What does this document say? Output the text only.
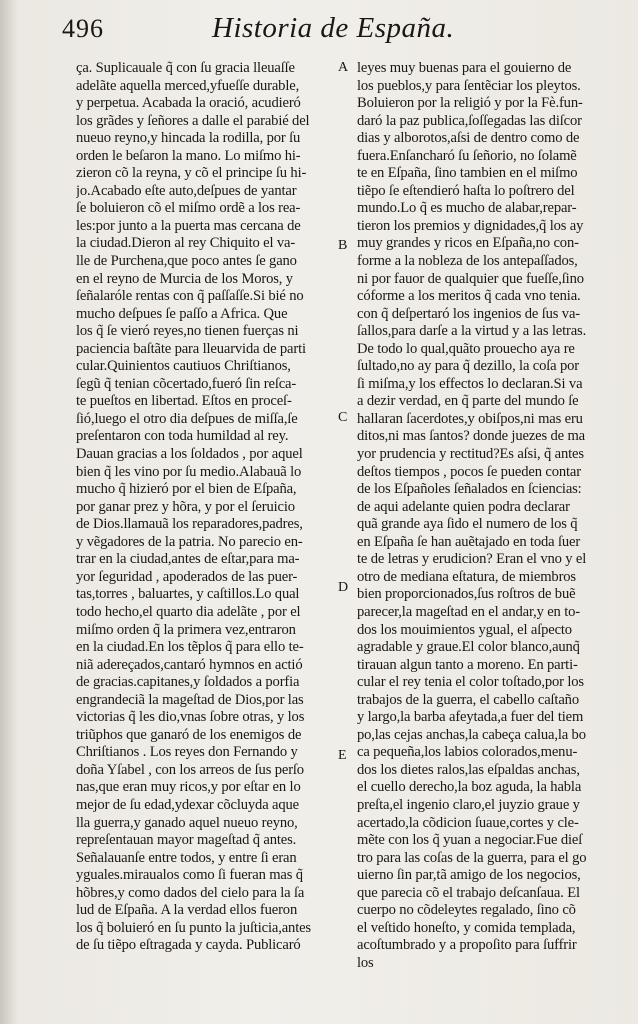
496	Historia de España.
ça. Suplicauale q̃ con ſu gracia lleuaſſe
adelãte aquella merced,yfueſſe durable,
y perpetua. Acabada la oració, acudieró
los grãdes y ſeñores a dalle el parabié del
nueuo reyno,y hincada la rodilla, por ſu
orden le beſaron la mano. Lo miſmo hi-
zieron cõ la reyna, y cõ el principe ſu hi-
jo.Acabado eſte auto,deſpues de yantar
ſe boluieron cõ el miſmo ordẽ a los rea-
les:por junto a la puerta mas cercana de
la ciudad.Dieron al rey Chiquito el va-
lle de Purchena,que poco antes ſe gano
en el reyno de Murcia de los Moros, y
ſeñalaróle rentas con q̃ paſſaſſe.Si bié no
mucho deſpues ſe paſſo a Africa. Que
los q̃ ſe vieró reyes,no tienen fuerças ni
paciencia baſtãte para lleuarvida de parti
cular.Quinientos cautiuos Chriſtianos,
ſegũ q̃ tenian cõcertado,fueró ſin reſca-
te pueſtos en libertad. Eſtos en proceſ-
ſió,luego el otro dia deſpues de miſſa,ſe
preſentaron con toda humildad al rey.
Dauan gracias a los ſoldados , por aquel
bien q̃ les vino por ſu medio.Alabauã lo
mucho q̃ hizieró por el bien de Eſpaña,
por ganar prez y hõra, y por el ſeruicio
de Dios.llamauã los reparadores,padres,
y vẽgadores de la patria. No parecio en-
trar en la ciudad,antes de eſtar,para ma-
yor ſeguridad , apoderados de las puer-
tas,torres , baluartes, y caſtillos.Lo qual
todo hecho,el quarto dia adelãte , por el
miſmo orden q̃ la primera vez,entraron
en la ciudad.En los tẽplos q̃ para ello te-
niã adereçados,cantaró hymnos en actió
de gracias.capitanes,y ſoldados a porfia
engrandeciã la mageſtad de Dios,por las
victorias q̃ les dio,vnas ſobre otras, y los
triũphos que ganaró de los enemigos de
Chriſtianos . Los reyes don Fernando y
doña Yſabel , con los arreos de ſus perſo
nas,que eran muy ricos,y por eſtar en lo
mejor de ſu edad,ydexar cõcluyda aque
lla guerra,y ganado aquel nueuo reyno,
repreſentauan mayor mageſtad q̃ antes.
Señalauanſe entre todos, y entre ſi eran
yguales.miraualos como ſi fueran mas q̃
hõbres,y como dados del cielo para la ſa
lud de Eſpaña. A la verdad ellos fueron
los q̃ boluieró en ſu punto la juſticia,antes
de ſu tiẽpo eſtragada y cayda. Publicaró
A
B
C
D
E
leyes muy buenas para el gouierno de
los pueblos,y para ſentẽciar los pleytos.
Boluieron por la religió y por la Fè.fun-
daró la paz publica,ſoſſegadas las diſcor
dias y alborotos,aſsi de dentro como de
fuera.Enſancharó ſu ſeñorio, no ſolamẽ
te en Eſpaña, ſino tambien en el miſmo
tiẽpo ſe eſtendieró haſta lo poſtrero del
mundo.Lo q̃ es mucho de alabar,repar-
tieron los premios y dignidades,q̃ los ay
muy grandes y ricos en Eſpaña,no con-
forme a la nobleza de los antepaſſados,
ni por fauor de qualquier que fueſſe,ſino
cóforme a los meritos q̃ cada vno tenia.
con q̃ deſpertaró los ingenios de ſus va-
ſallos,para darſe a la virtud y a las letras.
De todo lo qual,quãto prouecho aya re
ſultado,no ay para q̃ dezillo, la coſa por
ſi miſma,y los effectos lo declaran.Si va
a dezir verdad, en q̃ parte del mundo ſe
hallaran ſacerdotes,y obiſpos,ni mas eru
ditos,ni mas ſantos? donde juezes de ma
yor prudencia y rectitud?Es aſsi, q̃ antes
deſtos tiempos , pocos ſe pueden contar
de los Eſpañoles ſeñalados en ſciencias:
de aqui adelante quien podra declarar
quã grande aya ſido el numero de los q̃
en Eſpaña ſe han auẽtajado en toda ſuer
te de letras y erudicion? Eran el vno y el
otro de mediana eſtatura, de miembros
bien proporcionados,ſus roſtros de buẽ
parecer,la mageſtad en el andar,y en to-
dos los mouimientos ygual, el aſpecto
agradable y graue.El color blanco,aunq̃
tirauan algun tanto a moreno. En parti-
cular el rey tenia el color toſtado,por los
trabajos de la guerra, el cabello caſtaño
y largo,la barba afeytada,a fuer del tiem
po,las cejas anchas,la cabeça calua,la bo
ca pequeña,los labios colorados,menu-
dos los dietes ralos,las eſpaldas anchas,
el cuello derecho,la boz aguda, la habla
preſta,el ingenio claro,el juyzio graue y
acertado,la cõdicion ſuaue,cortes y cle-
mẽte con los q̃ yuan a negociar.Fue dieſ
tro para las coſas de la guerra, para el go
uierno ſin par,tã amigo de los negocios,
que parecia cõ el trabajo deſcanſaua. El
cuerpo no cõdeleytes regalado, ſino cõ
el veſtido honeſto, y comida templada,
acoſtumbrado y a propoſito para ſuffrir
los
